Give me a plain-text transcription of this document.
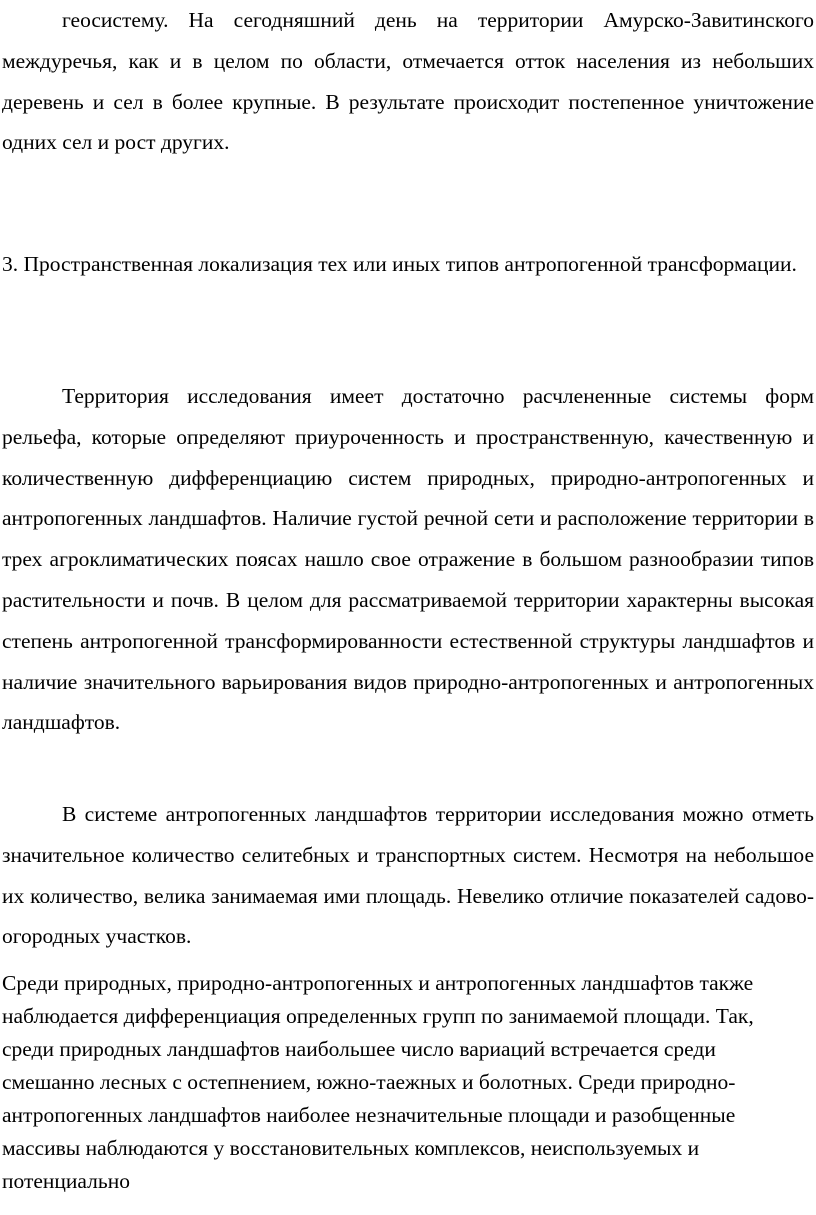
геосистему. На сегодняшний день на территории Амурско-Завитинского междуречья, как и в целом по области, отмечается отток населения из небольших деревень и сел в более крупные. В результате происходит постепенное уничтожение одних сел и рост других.

3. Пространственная локализация тех или иных типов антропогенной трансформации.

Территория исследования имеет достаточно расчлененные системы форм рельефа, которые определяют приуроченность и пространственную, качественную и количественную дифференциацию систем природных, природно-антропогенных и антропогенных ландшафтов. Наличие густой речной сети и расположение территории в трех агроклиматических поясах нашло свое отражение в большом разнообразии типов растительности и почв. В целом для рассматриваемой территории характерны высокая степень антропогенной трансформированности естественной структуры ландшафтов и наличие значительного варьирования видов природно-антропогенных и антропогенных ландшафтов.

В системе антропогенных ландшафтов территории исследования можно отметь значительное количество селитебных и транспортных систем. Несмотря на небольшое их количество, велика занимаемая ими площадь. Невелико отличие показателей садово-огородных участков.

Среди природных, природно-антропогенных и антропогенных ландшафтов также наблюдается дифференциация определенных групп по занимаемой площади. Так, среди природных ландшафтов наибольшее число вариаций встречается среди смешанно лесных с остепнением, южно-таежных и болотных. Среди природно-антропогенных ландшафтов наиболее незначительные площади и разобщенные массивы наблюдаются у восстановительных комплексов, неиспользуемых и потенциально
